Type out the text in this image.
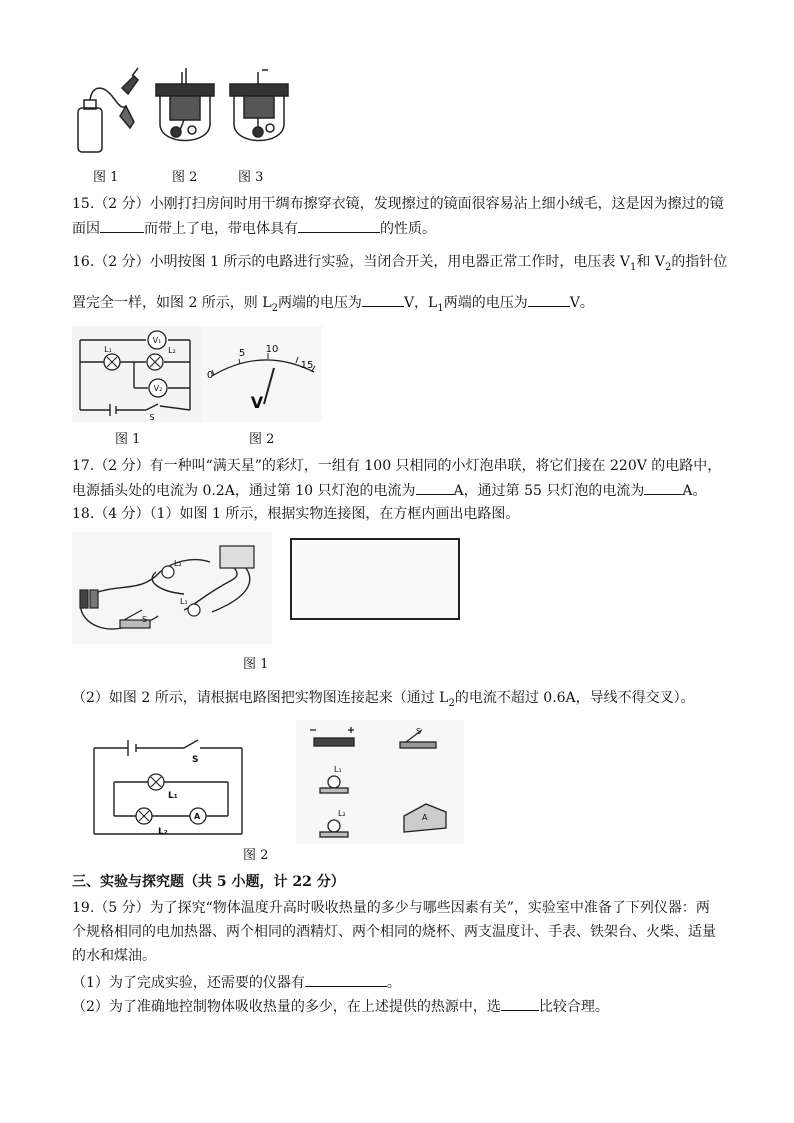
图 1	图 2	图 3
15.（2 分）小刚打扫房间时用干绸布擦穿衣镜，发现擦过的镜面很容易沾上细小绒毛，这是因为擦过的镜
面因	而带上了电，带电体具有	的性质。
16.（2 分）小明按图 1 所示的电路进行实验，当闭合开关，用电器正常工作时，电压表 $V_1$和 $V_2$的指针位
置完全一样，如图 2 所示，则 $L_2$两端的电压为	V，$L_1$两端的电压为	V。
V₁
V₂
L₁	L₂
S
0
5 10
15
V
图 1	图 2
17.（2 分）有一种叫“满天星”的彩灯，一组有 100 只相同的小灯泡串联，将它们接在 220V 的电路中，
电源插头处的电流为 0.2A，通过第 10 只灯泡的电流为	A，通过第 55 只灯泡的电流为	A。
18.（4 分）（1）如图 1 所示，根据实物连接图，在方框内画出电路图。
L₂
L₁
S
图 1
（2）如图 2 所示，请根据电路图把实物图连接起来（通过 $L_2$的电流不超过 0.6A，导线不得交叉）。
S
L₁
L₂
A
S
L₁
L₂	A
图 2
三、实验与探究题（共 5 小题，计 22 分）
19.（5 分）为了探究“物体温度升高时吸收热量的多少与哪些因素有关”，实验室中准备了下列仪器：两
个规格相同的电加热器、两个相同的酒精灯、两个相同的烧杯、两支温度计、手表、铁架台、火柴、适量
的水和煤油。
（1）为了完成实验，还需要的仪器有	。
（2）为了准确地控制物体吸收热量的多少，在上述提供的热源中，选	比较合理。
